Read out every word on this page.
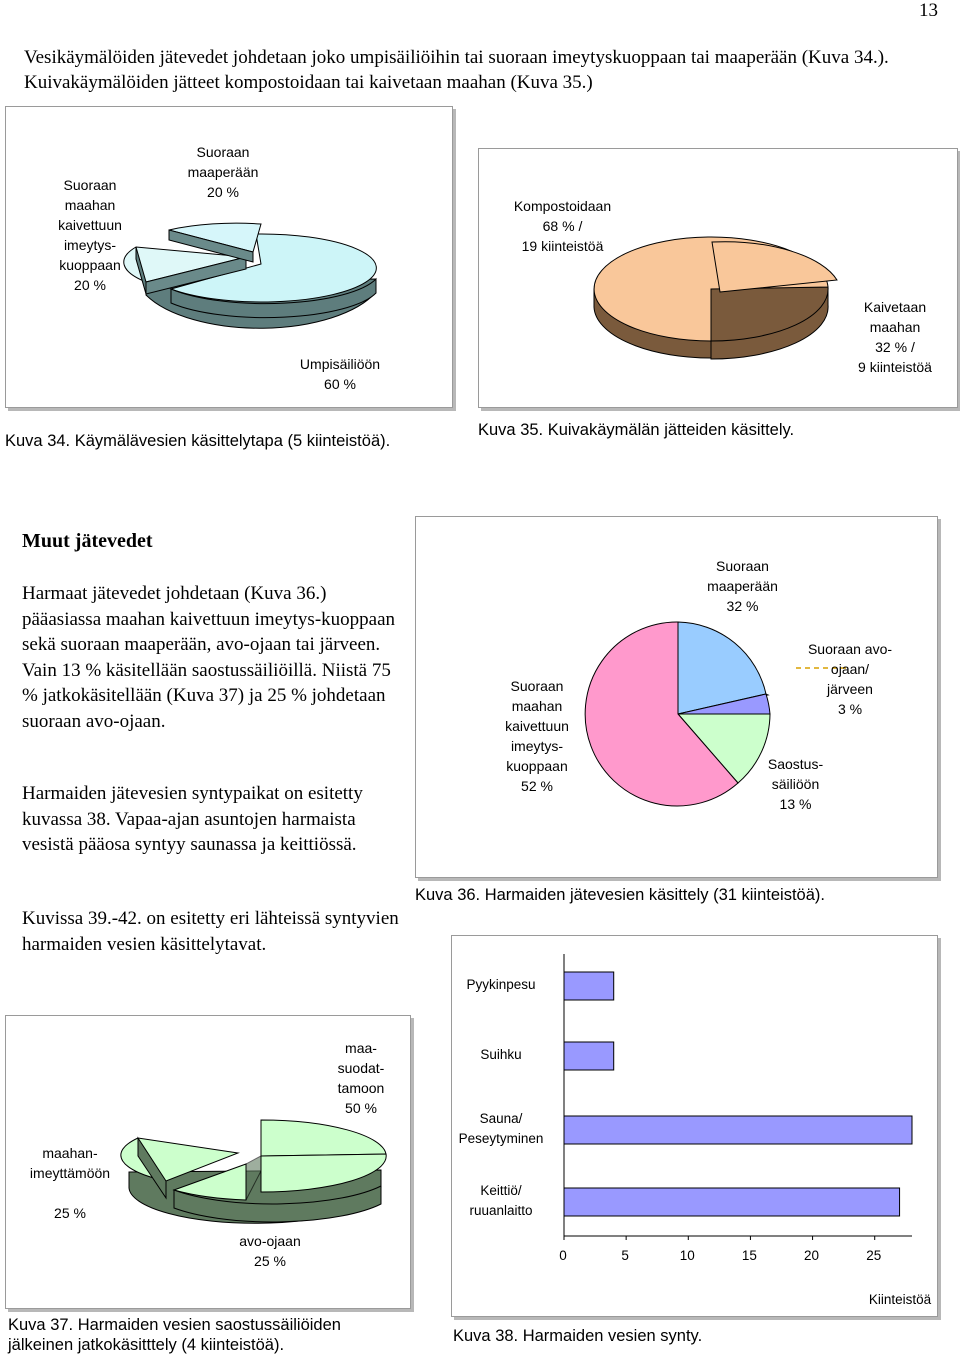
13
Vesikäymälöiden jätevedet johdetaan joko umpisäiliöihin tai suoraan imeytyskuoppaan tai maaperään (Kuva 34.). Kuivakäymälöiden jätteet kompostoidaan tai kaivetaan maahan (Kuva 35.)
Suoraan
maahan
kaivettuun
imeytys-
kuoppaan
20 %
Suoraan
maaperään
20 %
Umpisäiliöön
60 %
Kuva 34. Käymälävesien käsittelytapa (5 kiinteistöä).
Kompostoidaan
68 % /
19 kiinteistöä
Kaivetaan
maahan
32 % /
9 kiinteistöä
Kuva 35. Kuivakäymälän jätteiden käsittely.
Muut jätevedet
Harmaat jätevedet johdetaan (Kuva 36.) pääasiassa maahan kaivettuun imeytys-kuoppaan sekä suoraan maaperään, avo-ojaan tai järveen. Vain 13 % käsitellään saostussäiliöillä. Niistä 75 % jatkokäsitellään (Kuva 37) ja 25 % johdetaan suoraan avo-ojaan.
Harmaiden jätevesien syntypaikat on esitetty kuvassa 38. Vapaa-ajan asuntojen harmaista vesistä pääosa syntyy saunassa ja keittiössä.
Kuvissa 39.-42. on esitetty eri lähteissä syntyvien harmaiden vesien käsittelytavat.
Suoraan
maaperään
32 %
Suoraan avo-
ojaan/
järveen
3 %
Saostus-
säiliöön
13 %
Suoraan
maahan
kaivettuun
imeytys-
kuoppaan
52 %
Kuva 36. Harmaiden jätevesien käsittely (31 kiinteistöä).
maa-
suodat-
tamoon
50 %
maahan-
imeyttämöön

25 %
avo-ojaan
25 %
Kuva 37. Harmaiden vesien saostussäiliöiden
jälkeinen jatkokäsitttely (4 kiinteistöä).
Pyykinpesu
Suihku
Sauna/
Peseytyminen
Keittiö/
ruuanlaitto
0	5	10	15	20	25
Kiinteistöä
Kuva 38. Harmaiden vesien synty.
